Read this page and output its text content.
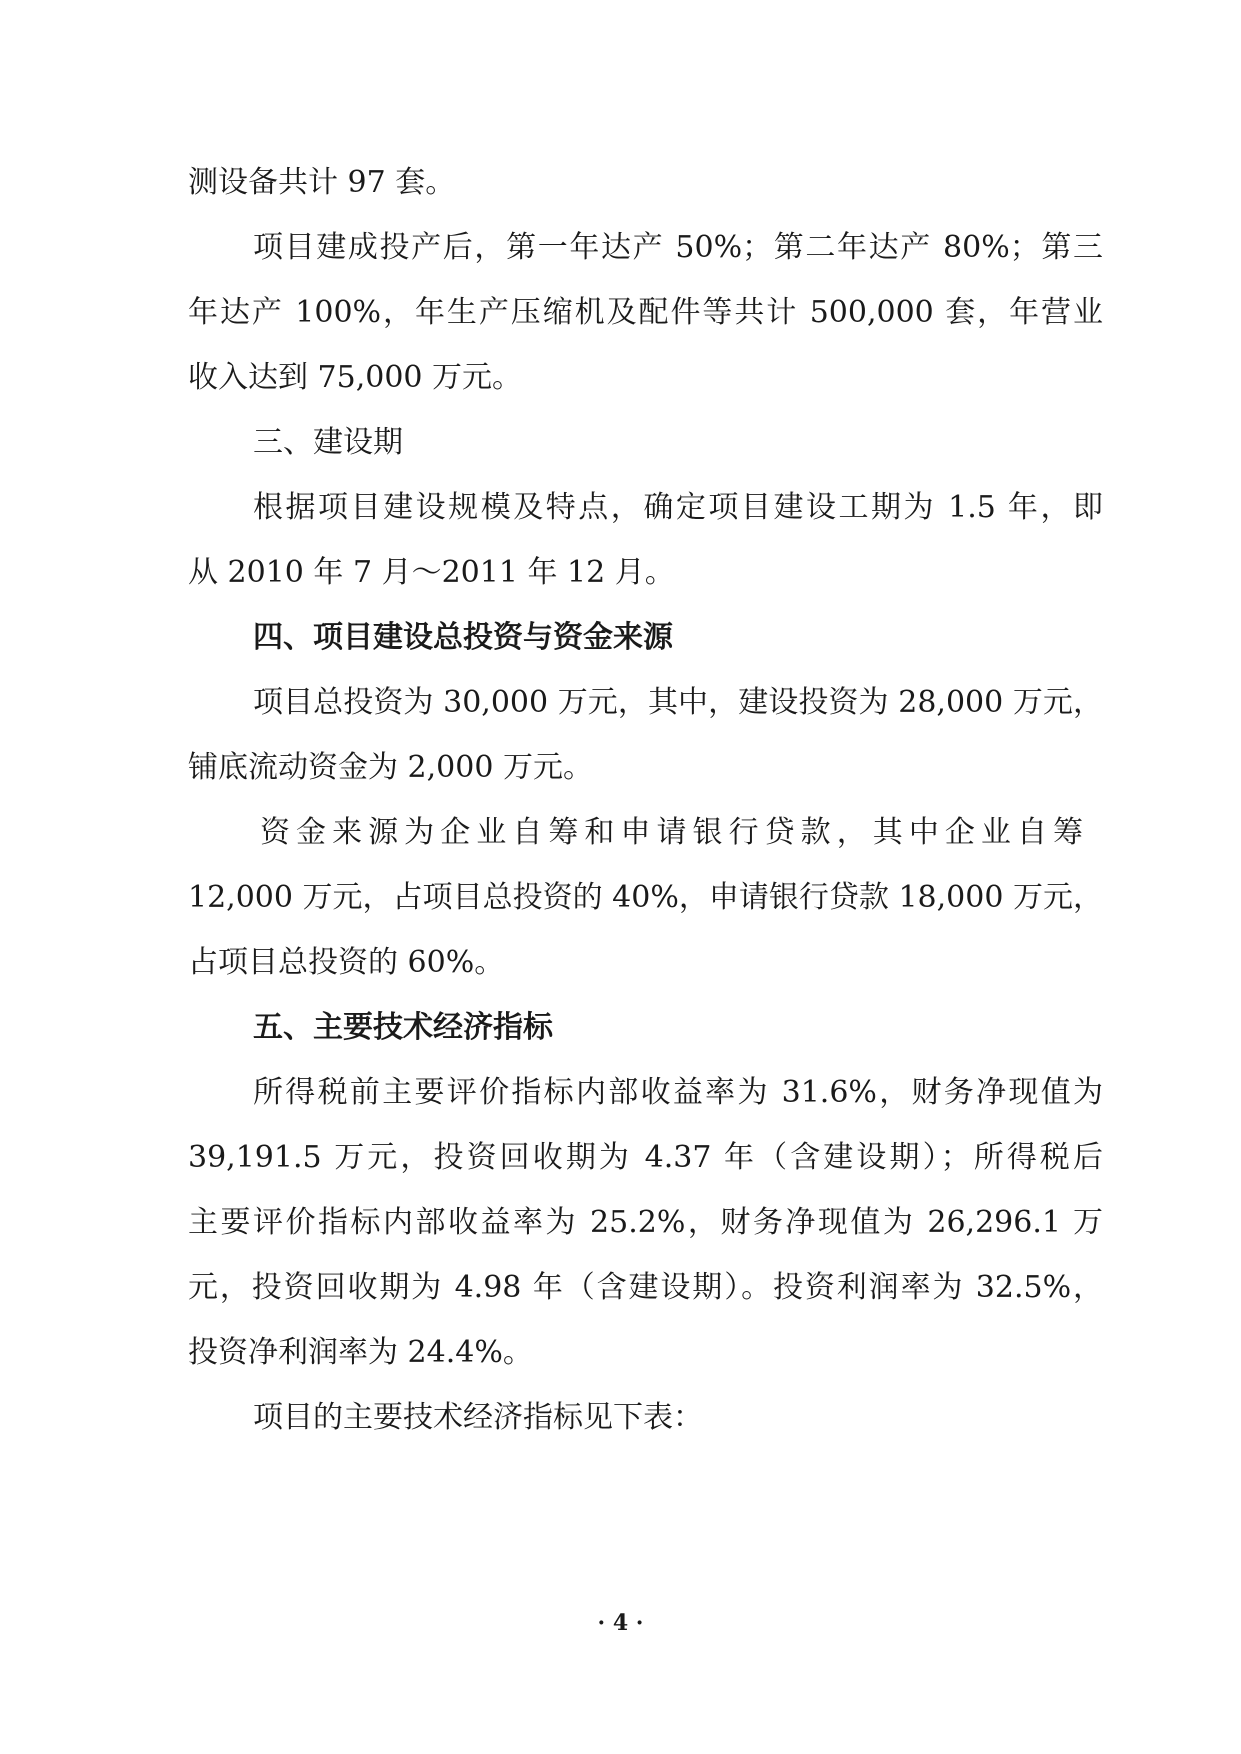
测设备共计 97 套。

项目建成投产后，第一年达产 50%；第二年达产 80%；第三

年达产 100%，年生产压缩机及配件等共计 500,000 套，年营业

收入达到 75,000 万元。

三、建设期

根据项目建设规模及特点，确定项目建设工期为 1.5 年，即

从 2010 年 7 月～2011 年 12 月。

四、项目建设总投资与资金来源

项目总投资为 30,000 万元，其中，建设投资为 28,000 万元，

铺底流动资金为 2,000 万元。

资金来源为企业自筹和申请银行贷款，其中企业自筹

12,000 万元，占项目总投资的 40%，申请银行贷款 18,000 万元，

占项目总投资的 60%。

五、主要技术经济指标

所得税前主要评价指标内部收益率为 31.6%，财务净现值为

39,191.5 万元，投资回收期为 4.37 年（含建设期）；所得税后

主要评价指标内部收益率为 25.2%，财务净现值为 26,296.1 万

元，投资回收期为 4.98 年（含建设期）。投资利润率为 32.5%，

投资净利润率为 24.4%。

项目的主要技术经济指标见下表：

· 4 ·
